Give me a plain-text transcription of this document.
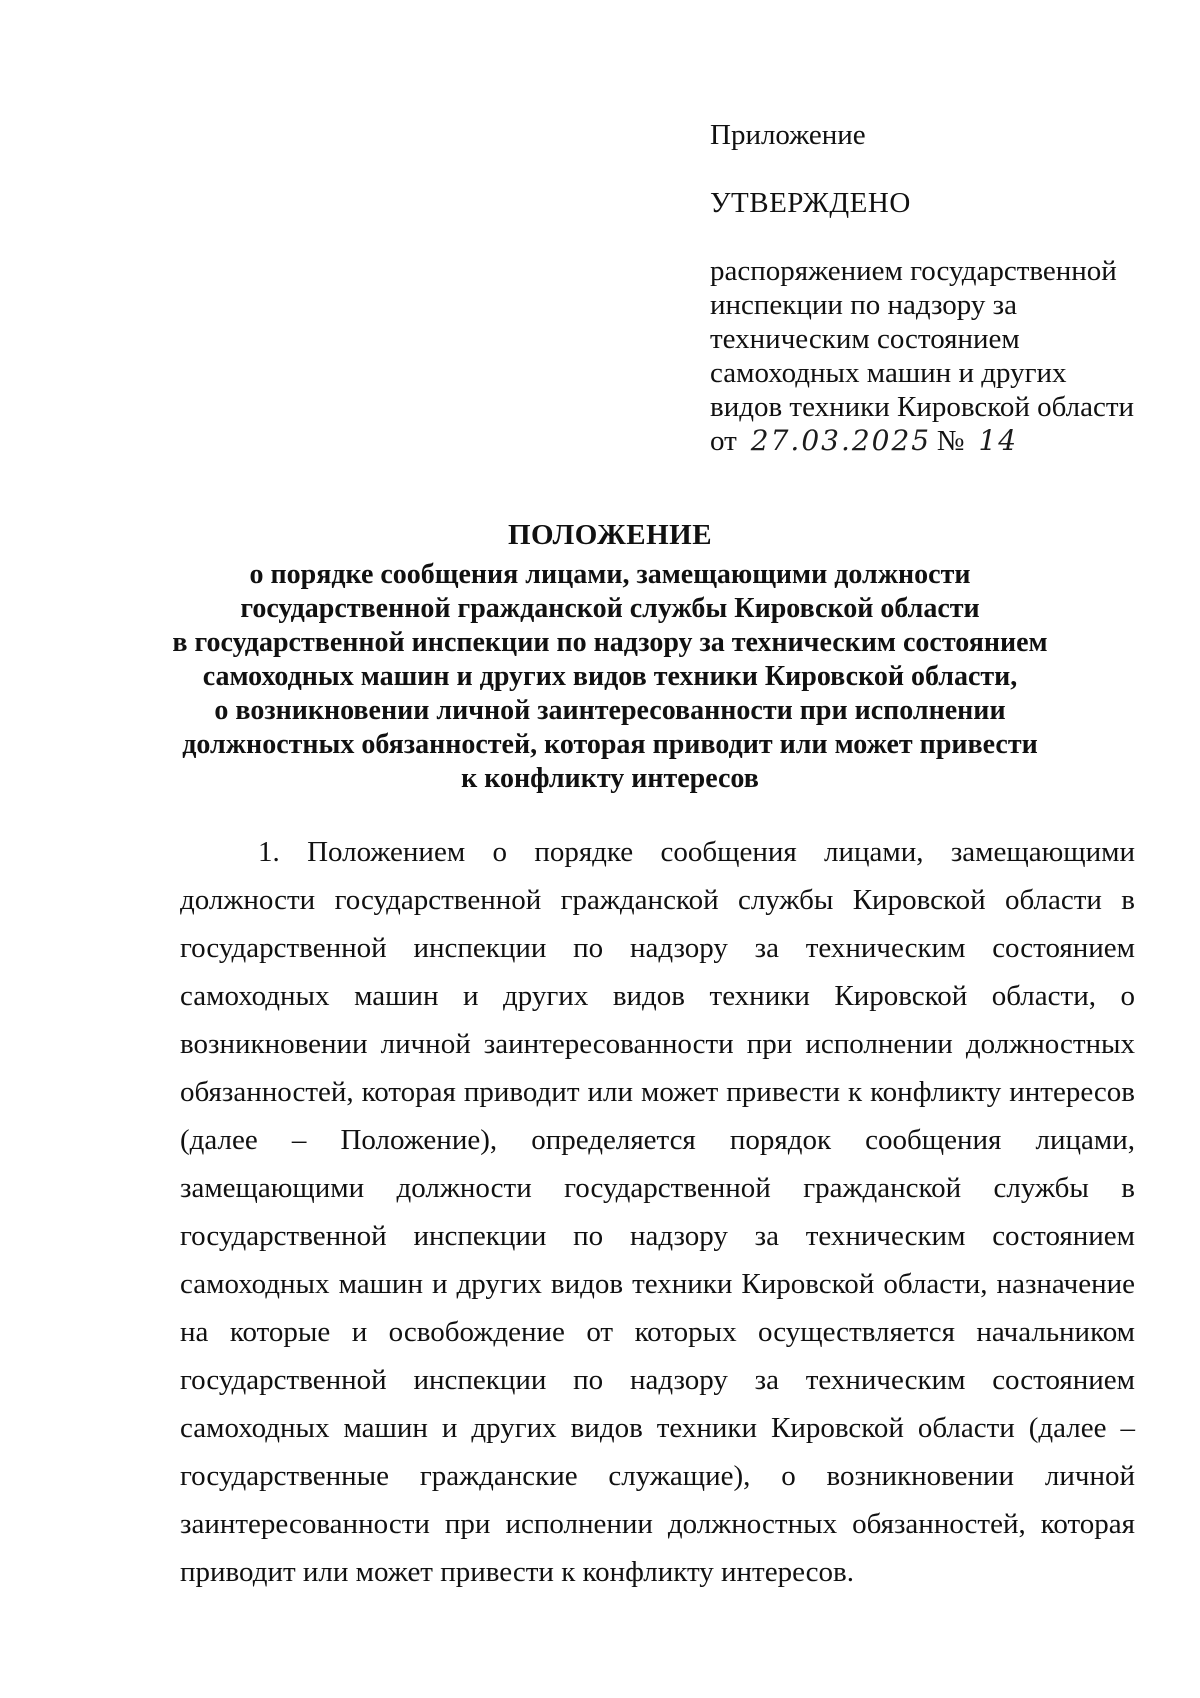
Приложение

УТВЕРЖДЕНО

распоряжением государственной
инспекции по надзору за
техническим состоянием
самоходных машин и других
видов техники Кировской области

от 27.03.2025 № 14

ПОЛОЖЕНИЕ

о порядке сообщения лицами, замещающими должности
государственной гражданской службы Кировской области
в государственной инспекции по надзору за техническим состоянием
самоходных машин и других видов техники Кировской области,
о возникновении личной заинтересованности при исполнении
должностных обязанностей, которая приводит или может привести
к конфликту интересов

1. Положением о порядке сообщения лицами, замещающими должности государственной гражданской службы Кировской области в государственной инспекции по надзору за техническим состоянием самоходных машин и других видов техники Кировской области, о возникновении личной заинтересованности при исполнении должностных обязанностей, которая приводит или может привести к конфликту интересов (далее – Положение), определяется порядок сообщения лицами, замещающими должности государственной гражданской службы в государственной инспекции по надзору за техническим состоянием самоходных машин и других видов техники Кировской области, назначение на которые и освобождение от которых осуществляется начальником государственной инспекции по надзору за техническим состоянием самоходных машин и других видов техники Кировской области (далее – государственные гражданские служащие), о возникновении личной заинтересованности при исполнении должностных обязанностей, которая приводит или может привести к конфликту интересов.
